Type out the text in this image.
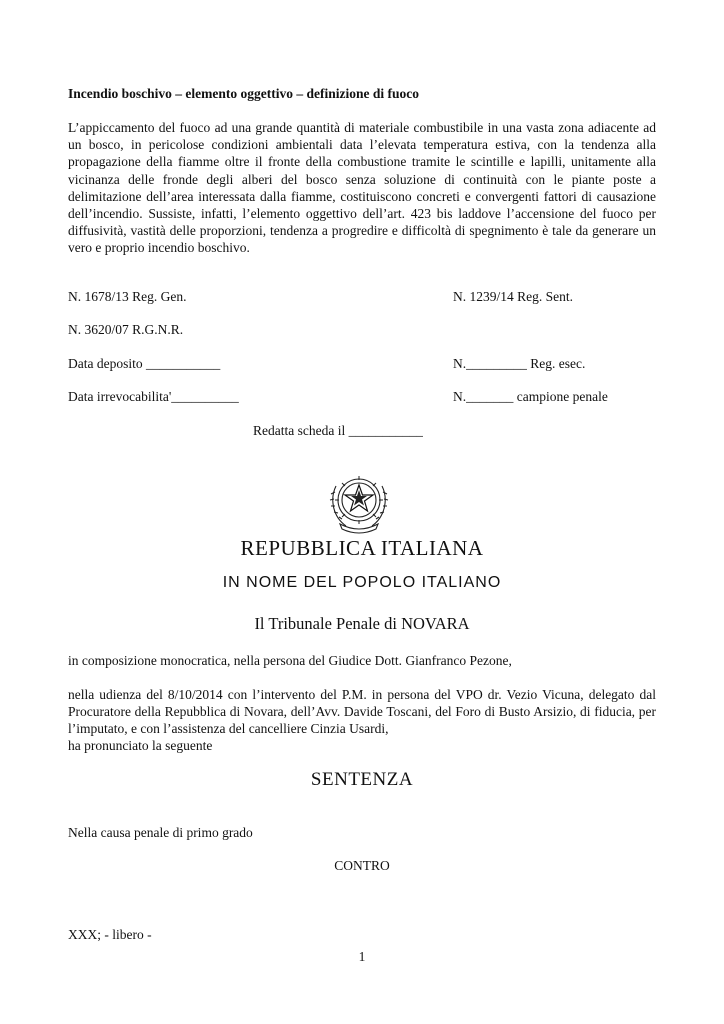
Incendio boschivo – elemento oggettivo – definizione di fuoco
L’appiccamento del fuoco ad una grande quantità di materiale combustibile in una vasta zona adiacente ad un bosco, in pericolose condizioni ambientali data l’elevata temperatura estiva, con la tendenza alla propagazione della fiamme oltre il fronte della combustione tramite le scintille e lapilli, unitamente alla vicinanza delle fronde degli alberi del bosco senza soluzione di continuità con le piante poste a delimitazione dell’area interessata dalla fiamme, costituiscono concreti e convergenti fattori di causazione dell’incendio. Sussiste, infatti, l’elemento oggettivo dell’art. 423 bis laddove l’accensione del fuoco per diffusività, vastità delle proporzioni, tendenza a progredire e difficoltà di spegnimento è tale da generare un vero e proprio incendio boschivo.
N. 1678/13 Reg. Gen.	N. 1239/14 Reg. Sent.
N. 3620/07 R.G.N.R.
Data deposito ___________	N._________ Reg. esec.
Data irrevocabilita'__________	N._______ campione penale
Redatta scheda il ___________
REPUBBLICA ITALIANA
IN NOME DEL POPOLO ITALIANO
Il Tribunale Penale di NOVARA
in composizione monocratica, nella persona del Giudice Dott. Gianfranco Pezone,
nella udienza del 8/10/2014 con l’intervento del P.M. in persona del VPO dr. Vezio Vicuna, delegato dal Procuratore della Repubblica di Novara, dell’Avv. Davide Toscani, del Foro di Busto Arsizio, di fiducia, per l’imputato, e con l’assistenza del cancelliere Cinzia Usardi,
ha pronunciato la seguente
SENTENZA
Nella causa penale di primo grado
CONTRO
XXX; - libero -
1
